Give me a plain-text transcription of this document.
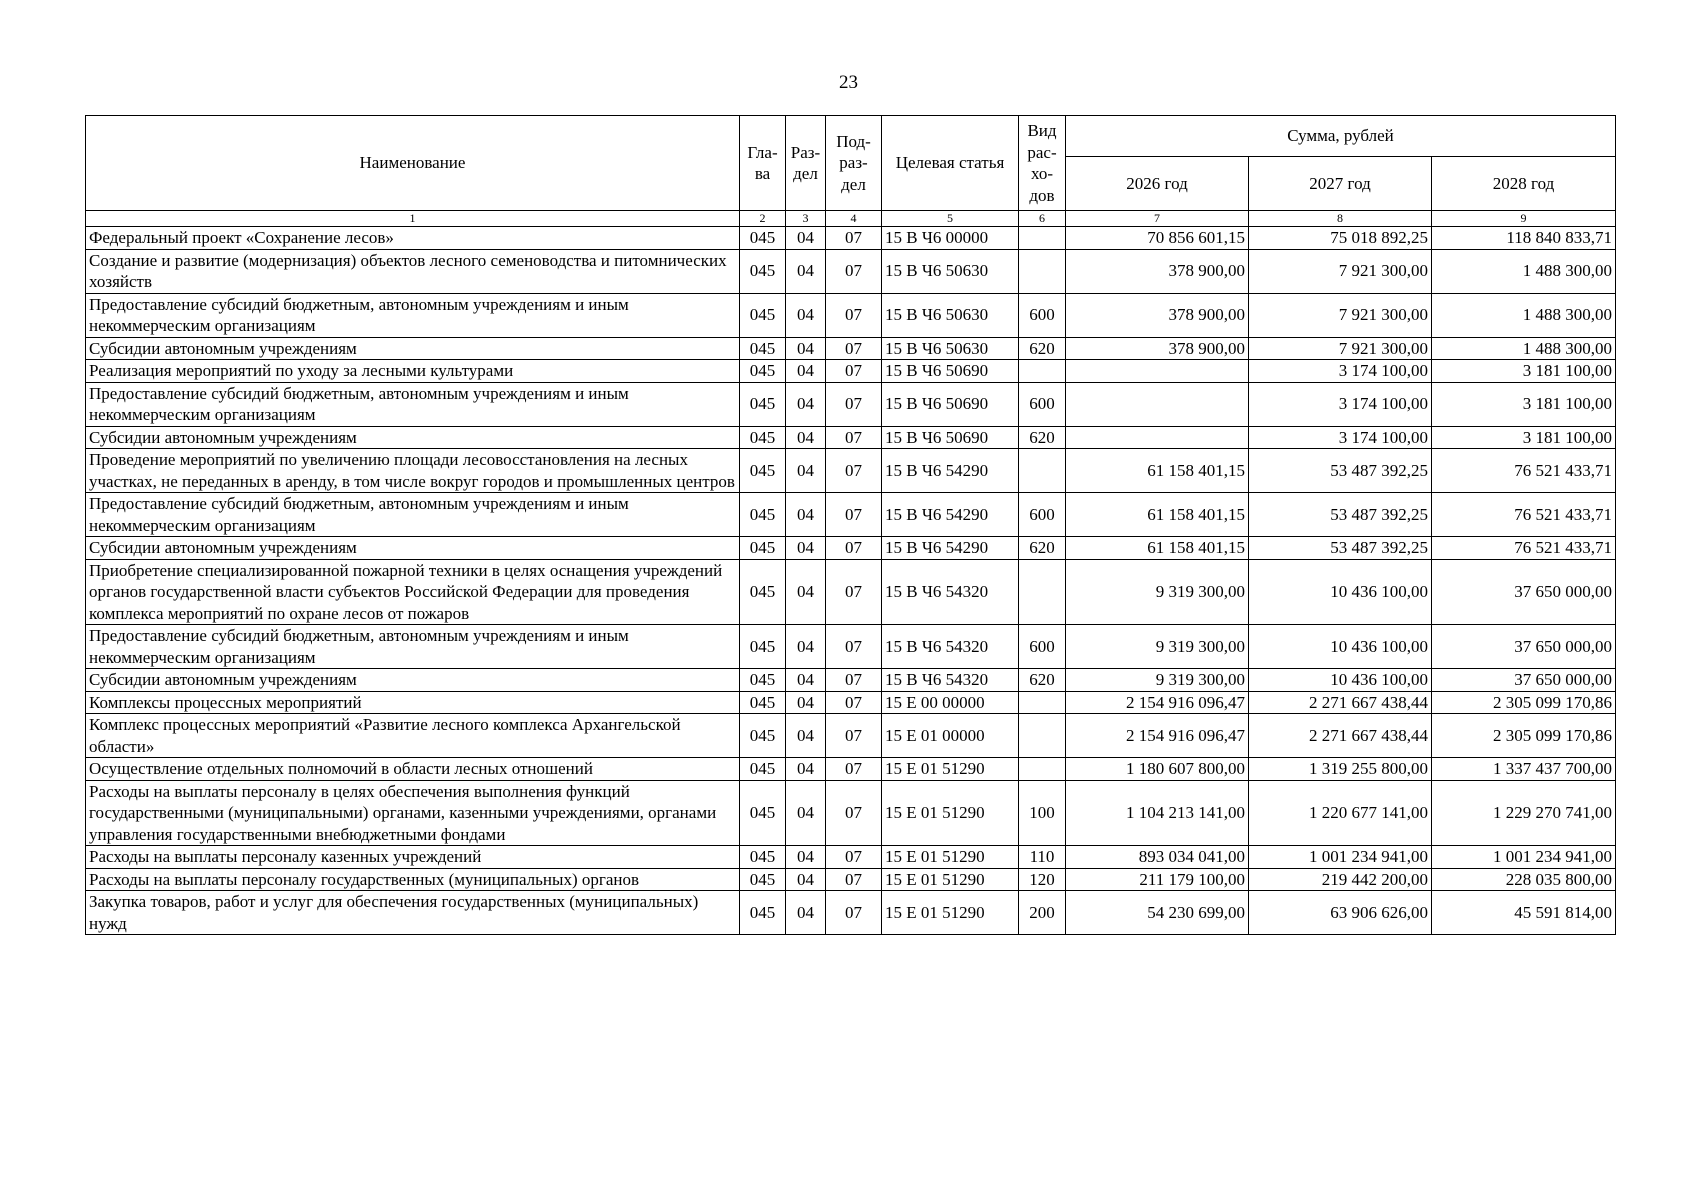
23
Наименование	Гла-ва	Раз-дел	Под-раз-дел	Целевая статья	Вид рас-хо-дов	Сумма, рублей		
						2026 год	2027 год	2028 год
1	2	3	4	5	6	7	8	9
Федеральный проект «Сохранение лесов»	045	04	07	15 В Ч6 00000		70 856 601,15	75 018 892,25	118 840 833,71
Создание и развитие (модернизация) объектов лесного семеноводства и питомнических хозяйств	045	04	07	15 В Ч6 50630		378 900,00	7 921 300,00	1 488 300,00
Предоставление субсидий бюджетным, автономным учреждениям и иным некоммерческим организациям	045	04	07	15 В Ч6 50630	600	378 900,00	7 921 300,00	1 488 300,00
Субсидии автономным учреждениям	045	04	07	15 В Ч6 50630	620	378 900,00	7 921 300,00	1 488 300,00
Реализация мероприятий по уходу за лесными культурами	045	04	07	15 В Ч6 50690			3 174 100,00	3 181 100,00
Предоставление субсидий бюджетным, автономным учреждениям и иным некоммерческим организациям	045	04	07	15 В Ч6 50690	600		3 174 100,00	3 181 100,00
Субсидии автономным учреждениям	045	04	07	15 В Ч6 50690	620		3 174 100,00	3 181 100,00
Проведение мероприятий по увеличению площади лесовосстановления на лесных участках, не переданных в аренду, в том числе вокруг городов и промышленных центров	045	04	07	15 В Ч6 54290		61 158 401,15	53 487 392,25	76 521 433,71
Предоставление субсидий бюджетным, автономным учреждениям и иным некоммерческим организациям	045	04	07	15 В Ч6 54290	600	61 158 401,15	53 487 392,25	76 521 433,71
Субсидии автономным учреждениям	045	04	07	15 В Ч6 54290	620	61 158 401,15	53 487 392,25	76 521 433,71
Приобретение специализированной пожарной техники в целях оснащения учреждений органов государственной власти субъектов Российской Федерации для проведения комплекса мероприятий по охране лесов от пожаров	045	04	07	15 В Ч6 54320		9 319 300,00	10 436 100,00	37 650 000,00
Предоставление субсидий бюджетным, автономным учреждениям и иным некоммерческим организациям	045	04	07	15 В Ч6 54320	600	9 319 300,00	10 436 100,00	37 650 000,00
Субсидии автономным учреждениям	045	04	07	15 В Ч6 54320	620	9 319 300,00	10 436 100,00	37 650 000,00
Комплексы процессных мероприятий	045	04	07	15 Е 00 00000		2 154 916 096,47	2 271 667 438,44	2 305 099 170,86
Комплекс процессных мероприятий «Развитие лесного комплекса Архангельской области»	045	04	07	15 Е 01 00000		2 154 916 096,47	2 271 667 438,44	2 305 099 170,86
Осуществление отдельных полномочий в области лесных отношений	045	04	07	15 Е 01 51290		1 180 607 800,00	1 319 255 800,00	1 337 437 700,00
Расходы на выплаты персоналу в целях обеспечения выполнения функций государственными (муниципальными) органами, казенными учреждениями, органами управления государственными внебюджетными фондами	045	04	07	15 Е 01 51290	100	1 104 213 141,00	1 220 677 141,00	1 229 270 741,00
Расходы на выплаты персоналу казенных учреждений	045	04	07	15 Е 01 51290	110	893 034 041,00	1 001 234 941,00	1 001 234 941,00
Расходы на выплаты персоналу государственных (муниципальных) органов	045	04	07	15 Е 01 51290	120	211 179 100,00	219 442 200,00	228 035 800,00
Закупка товаров, работ и услуг для обеспечения государственных (муниципальных) нужд	045	04	07	15 Е 01 51290	200	54 230 699,00	63 906 626,00	45 591 814,00
